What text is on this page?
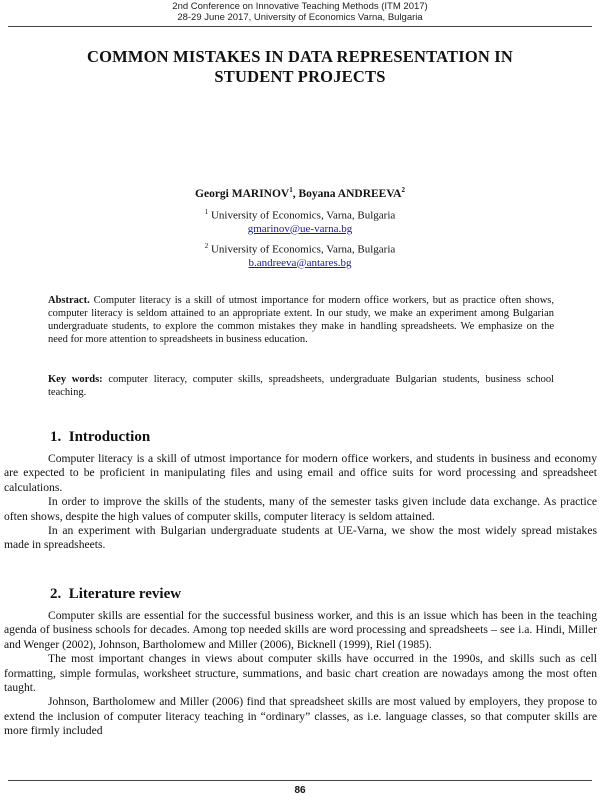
2nd Conference on Innovative Teaching Methods (ITM 2017)
28-29 June 2017, University of Economics Varna, Bulgaria
COMMON MISTAKES IN DATA REPRESENTATION IN
STUDENT PROJECTS
Georgi MARINOV$^1$, Boyana ANDREEVA$^2$
$^1$ University of Economics, Varna, Bulgaria
gmarinov@ue-varna.bg
$^2$ University of Economics, Varna, Bulgaria
b.andreeva@antares.bg
Abstract. Computer literacy is a skill of utmost importance for modern office workers, but as practice often shows, computer literacy is seldom attained to an appropriate extent. In our study, we make an experiment among Bulgarian undergraduate students, to explore the common mistakes they make in handling spreadsheets. We emphasize on the need for more attention to spreadsheets in business education.
Key words: computer literacy, computer skills, spreadsheets, undergraduate Bulgarian students, business school teaching.
1. Introduction

Computer literacy is a skill of utmost importance for modern office workers, and students in business and economy are expected to be proficient in manipulating files and using email and office suits for word processing and spreadsheet calculations.

In order to improve the skills of the students, many of the semester tasks given include data exchange. As practice often shows, despite the high values of computer skills, computer literacy is seldom attained.

In an experiment with Bulgarian undergraduate students at UE-Varna, we show the most widely spread mistakes made in spreadsheets.

2. Literature review

Computer skills are essential for the successful business worker, and this is an issue which has been in the teaching agenda of business schools for decades. Among top needed skills are word processing and spreadsheets – see i.a. Hindi, Miller and Wenger (2002), Johnson, Bartholomew and Miller (2006), Bicknell (1999), Riel (1985).

The most important changes in views about computer skills have occurred in the 1990s, and skills such as cell formatting, simple formulas, worksheet structure, summations, and basic chart creation are nowadays among the most often taught.

Johnson, Bartholomew and Miller (2006) find that spreadsheet skills are most valued by employers, they propose to extend the inclusion of computer literacy teaching in “ordinary” classes, as i.e. language classes, so that computer skills are more firmly included

86
